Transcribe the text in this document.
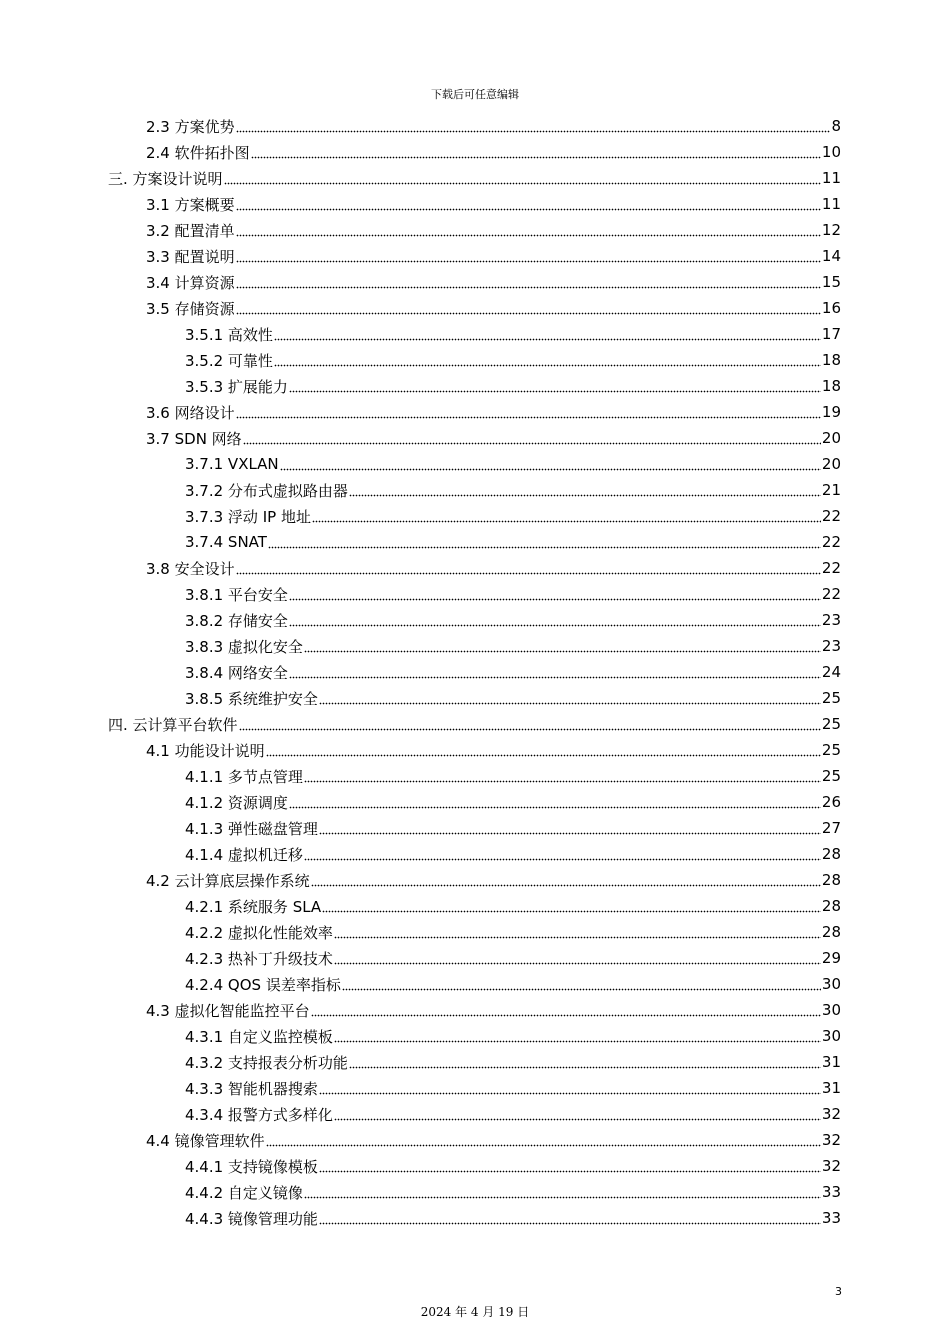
下载后可任意编辑
2.3 方案优势	8
2.4 软件拓扑图	10
三. 方案设计说明	11
3.1 方案概要	11
3.2 配置清单	12
3.3 配置说明	14
3.4 计算资源	15
3.5 存储资源	16
3.5.1 高效性	17
3.5.2 可靠性	18
3.5.3 扩展能力	18
3.6 网络设计	19
3.7 SDN 网络	20
3.7.1 VXLAN	20
3.7.2 分布式虚拟路由器	21
3.7.3 浮动 IP 地址	22
3.7.4 SNAT	22
3.8 安全设计	22
3.8.1 平台安全	22
3.8.2 存储安全	23
3.8.3 虚拟化安全	23
3.8.4 网络安全	24
3.8.5 系统维护安全	25
四. 云计算平台软件	25
4.1 功能设计说明	25
4.1.1 多节点管理	25
4.1.2 资源调度	26
4.1.3 弹性磁盘管理	27
4.1.4 虚拟机迁移	28
4.2 云计算底层操作系统	28
4.2.1 系统服务 SLA	28
4.2.2 虚拟化性能效率	28
4.2.3 热补丁升级技术	29
4.2.4 QOS 误差率指标	30
4.3 虚拟化智能监控平台	30
4.3.1 自定义监控模板	30
4.3.2 支持报表分析功能	31
4.3.3 智能机器搜索	31
4.3.4 报警方式多样化	32
4.4 镜像管理软件	32
4.4.1 支持镜像模板	32
4.4.2 自定义镜像	33
4.4.3 镜像管理功能	33
3
2024 年 4 月 19 日
